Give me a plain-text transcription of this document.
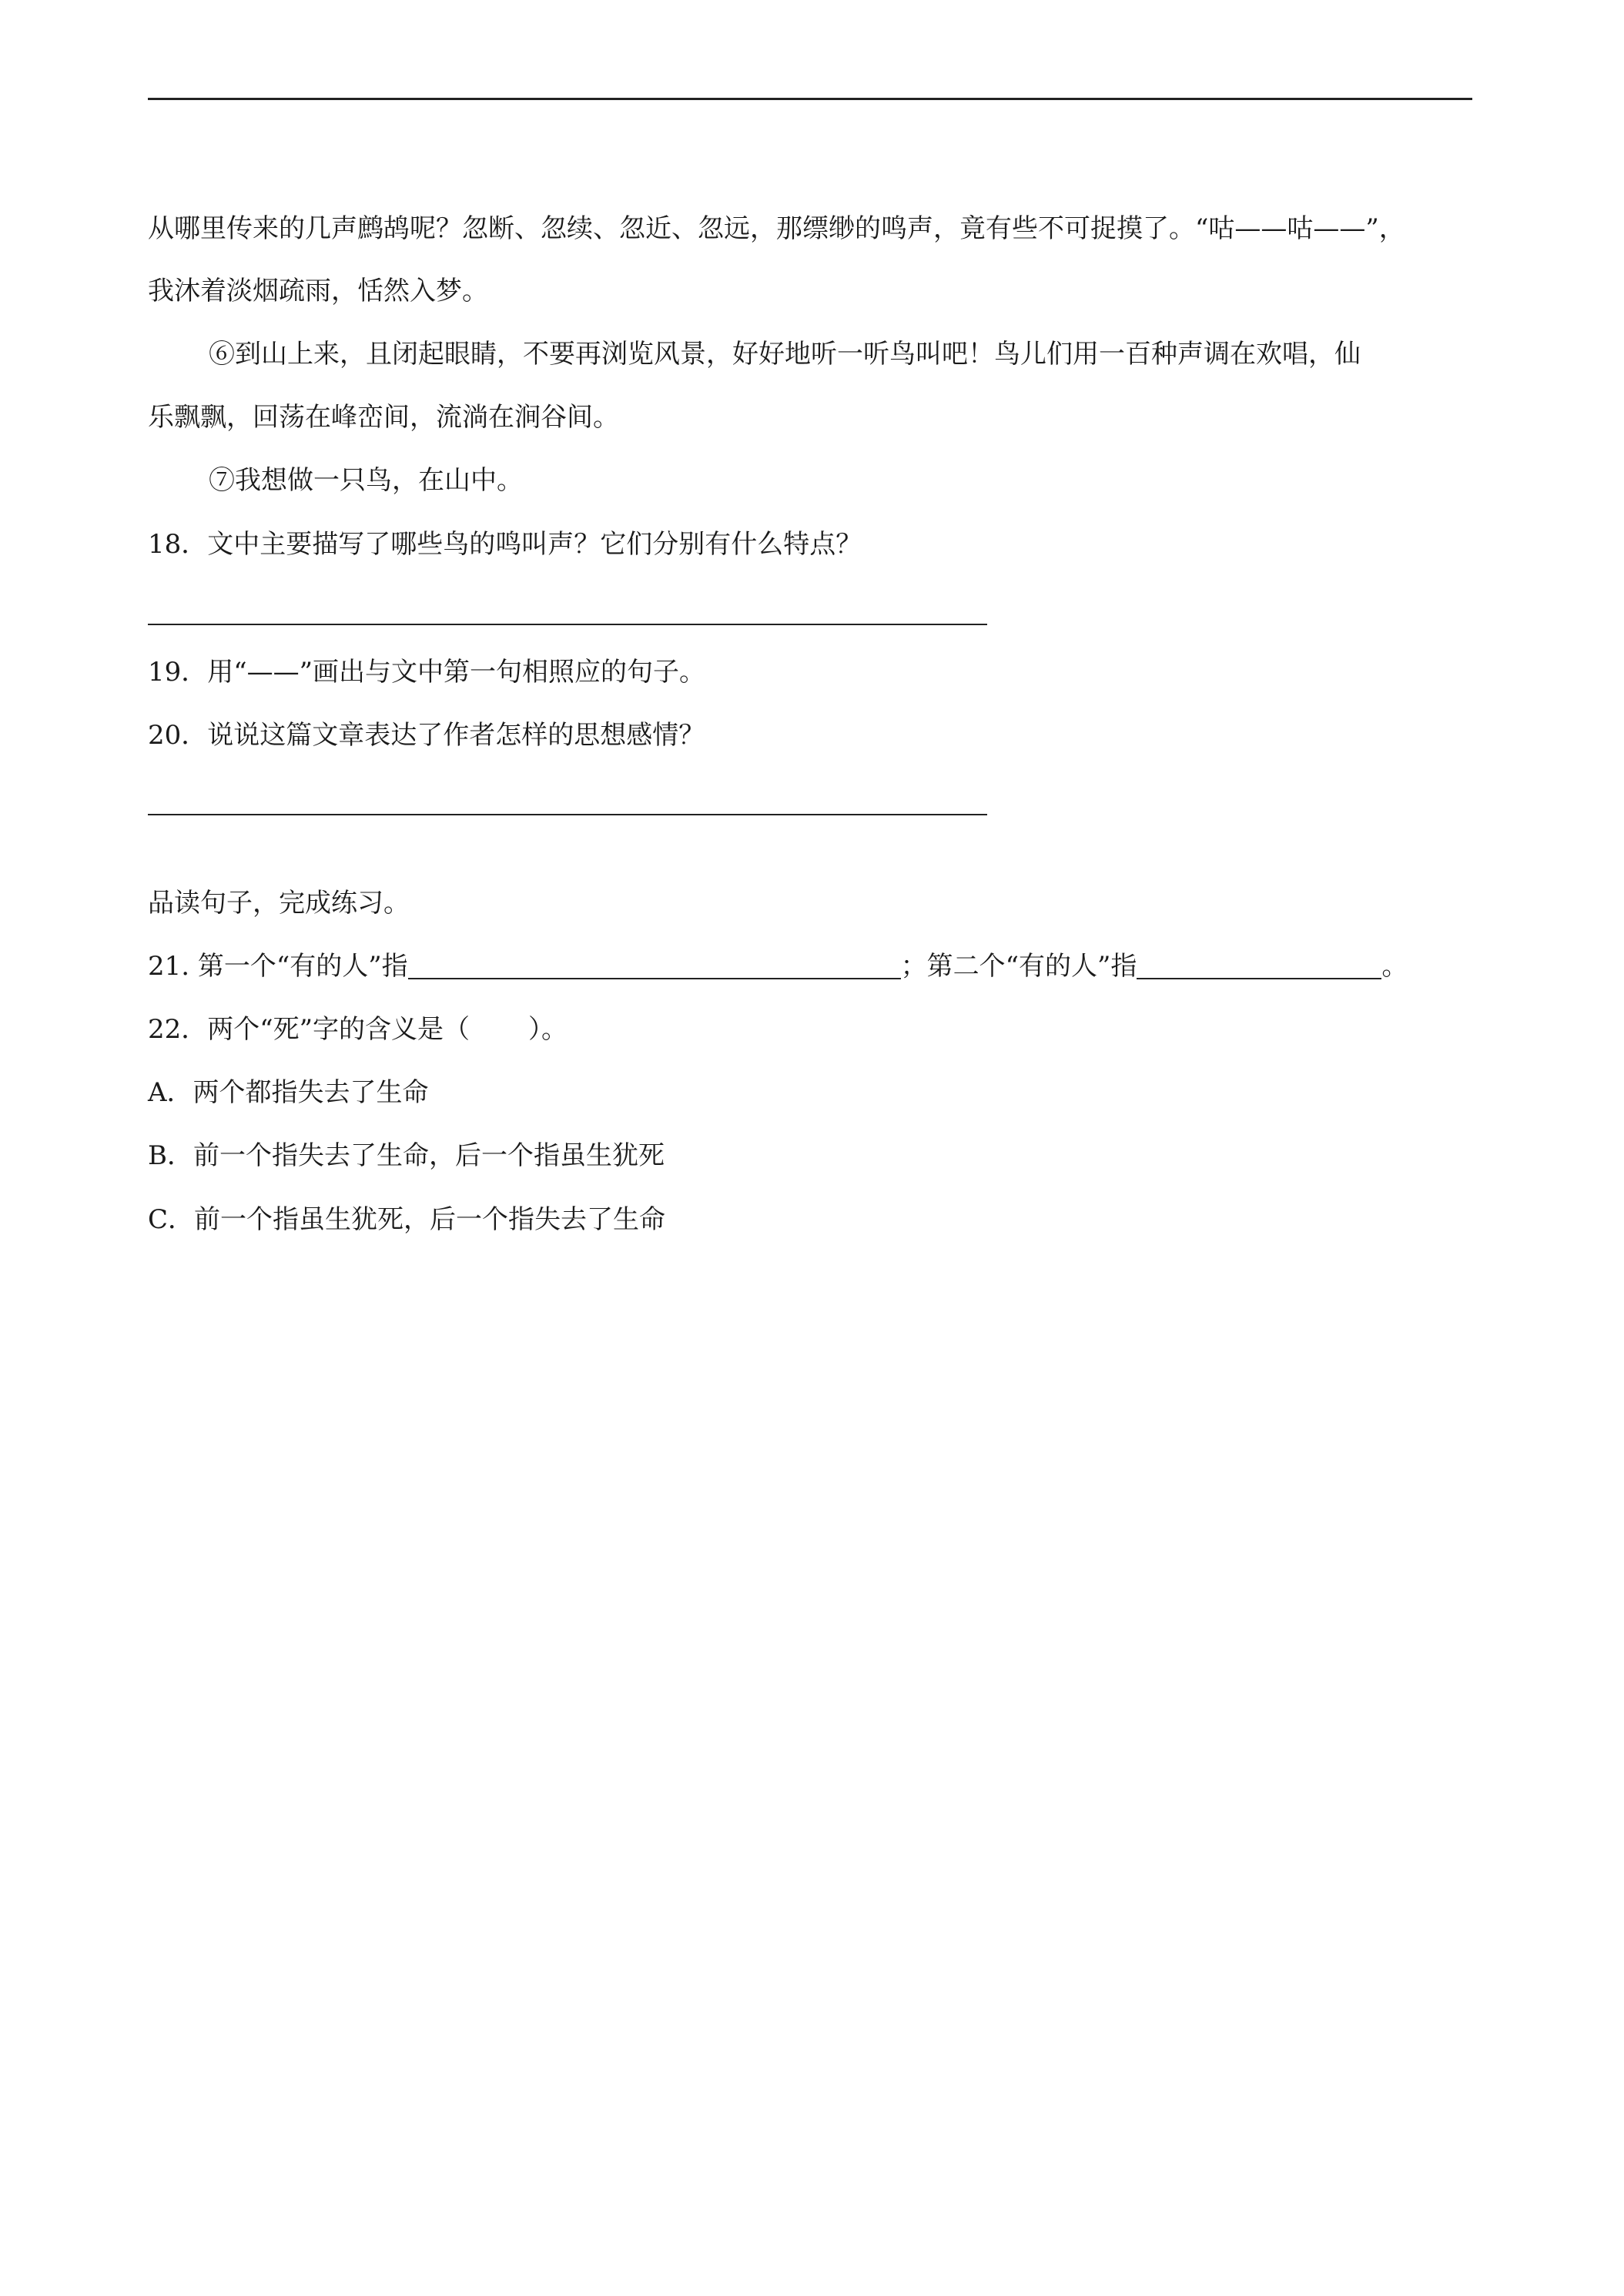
从哪里传来的几声鹧鸪呢？忽断、忽续、忽近、忽远，那缥缈的鸣声，竟有些不可捉摸了。“咕——咕——”，
我沐着淡烟疏雨，恬然入梦。
⑥到山上来，且闭起眼睛，不要再浏览风景，好好地听一听鸟叫吧！鸟儿们用一百种声调在欢唱，仙
乐飘飘，回荡在峰峦间，流淌在涧谷间。
⑦我想做一只鸟，在山中。
18．文中主要描写了哪些鸟的鸣叫声？它们分别有什么特点？
19．用“——”画出与文中第一句相照应的句子。
20．说说这篇文章表达了作者怎样的思想感情？
品读句子，完成练习。
21. 第一个“有的人”指	；第二个“有的人”指	。
22．两个“死”字的含义是（ ）。
A．两个都指失去了生命
B．前一个指失去了生命，后一个指虽生犹死
C．前一个指虽生犹死，后一个指失去了生命
